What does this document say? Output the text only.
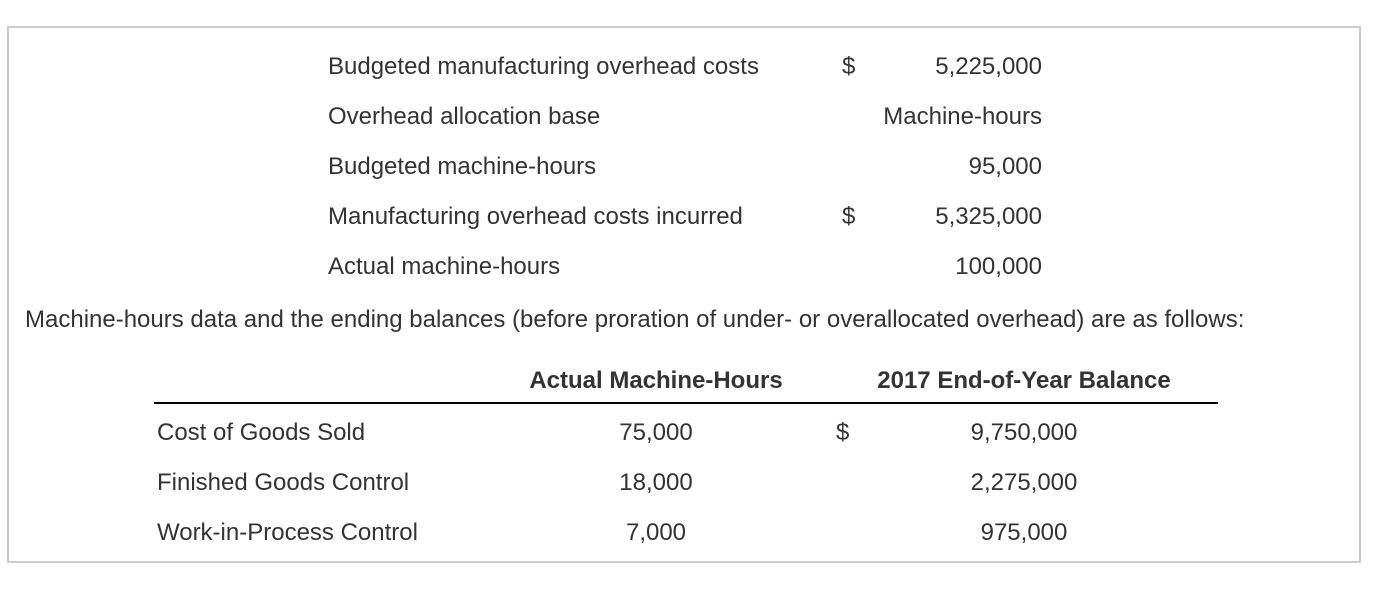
Budgeted manufacturing overhead costs	$	5,225,000
Overhead allocation base	Machine-hours
Budgeted machine-hours	95,000
Manufacturing overhead costs incurred	$	5,325,000
Actual machine-hours	100,000
Machine-hours data and the ending balances (before proration of under- or overallocated overhead) are as follows:
Actual Machine-Hours	2017 End-of-Year Balance
Cost of Goods Sold	75,000	$	9,750,000
Finished Goods Control	18,000	2,275,000
Work-in-Process Control	7,000	975,000
